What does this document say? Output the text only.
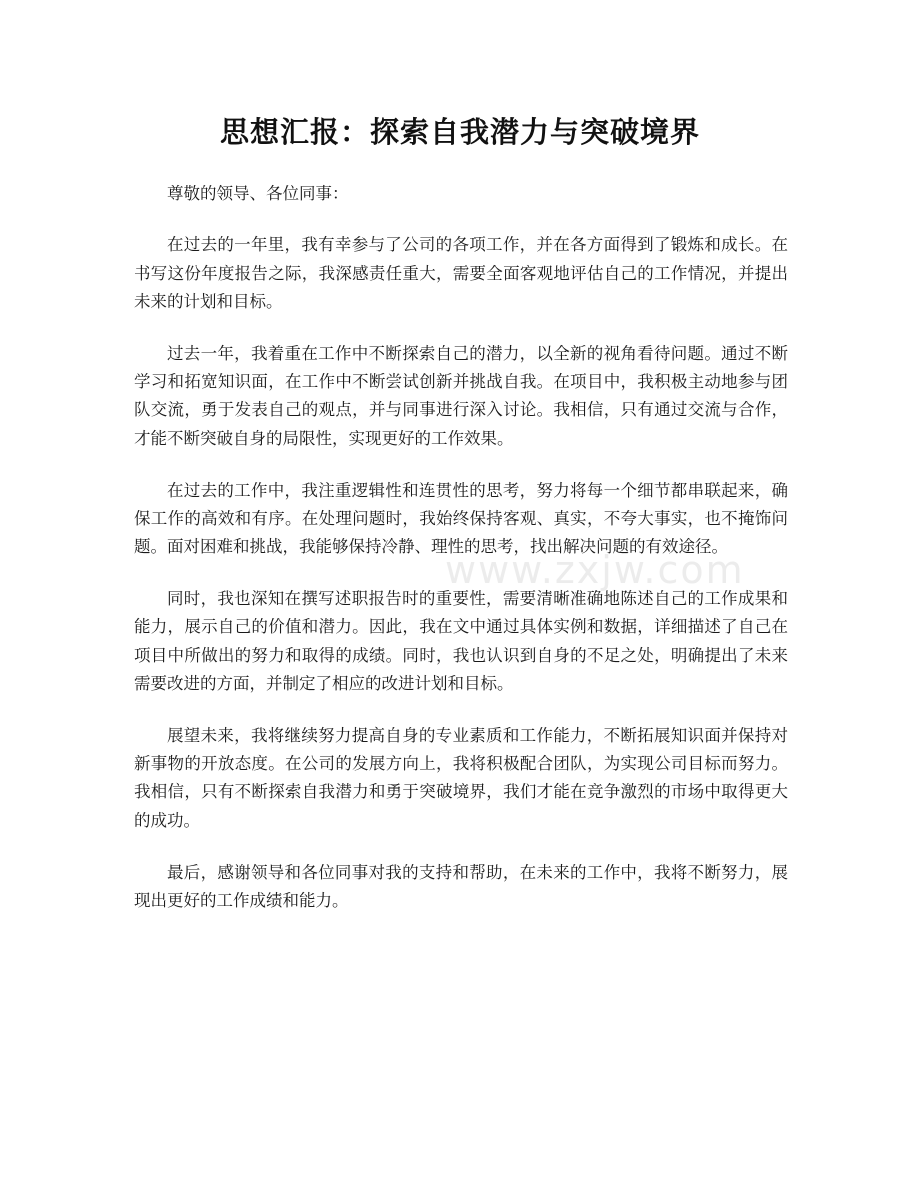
思想汇报：探索自我潜力与突破境界

尊敬的领导、各位同事：

在过去的一年里，我有幸参与了公司的各项工作，并在各方面得到了锻炼和成长。在书写这份年度报告之际，我深感责任重大，需要全面客观地评估自己的工作情况，并提出未来的计划和目标。

过去一年，我着重在工作中不断探索自己的潜力，以全新的视角看待问题。通过不断学习和拓宽知识面，在工作中不断尝试创新并挑战自我。在项目中，我积极主动地参与团队交流，勇于发表自己的观点，并与同事进行深入讨论。我相信，只有通过交流与合作，才能不断突破自身的局限性，实现更好的工作效果。

在过去的工作中，我注重逻辑性和连贯性的思考，努力将每一个细节都串联起来，确保工作的高效和有序。在处理问题时，我始终保持客观、真实，不夸大事实，也不掩饰问题。面对困难和挑战，我能够保持冷静、理性的思考，找出解决问题的有效途径。

同时，我也深知在撰写述职报告时的重要性，需要清晰准确地陈述自己的工作成果和能力，展示自己的价值和潜力。因此，我在文中通过具体实例和数据，详细描述了自己在项目中所做出的努力和取得的成绩。同时，我也认识到自身的不足之处，明确提出了未来需要改进的方面，并制定了相应的改进计划和目标。

展望未来，我将继续努力提高自身的专业素质和工作能力，不断拓展知识面并保持对新事物的开放态度。在公司的发展方向上，我将积极配合团队，为实现公司目标而努力。我相信，只有不断探索自我潜力和勇于突破境界，我们才能在竞争激烈的市场中取得更大的成功。

最后，感谢领导和各位同事对我的支持和帮助，在未来的工作中，我将不断努力，展现出更好的工作成绩和能力。

www.zxjw.com
